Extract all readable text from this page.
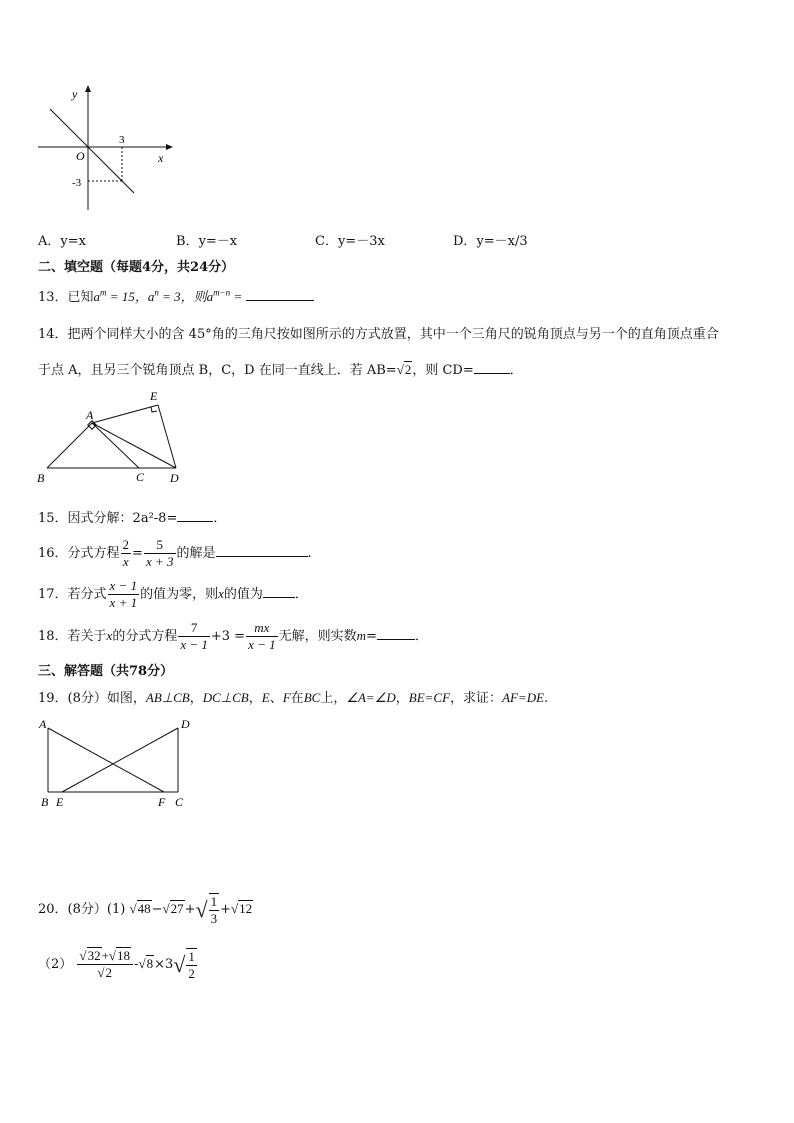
y
x
O
3
-3
A．y=x	B．y=－x	C．y=－3x	D．y=－x/3
二、填空题（每题4分，共24分）
13．已知$a^m = 15$，$a^n = 3$，则$a^{m-n}$ =
14．把两个同样大小的含 45°角的三角尺按如图所示的方式放置，其中一个三角尺的锐角顶点与另一个的直角顶点重合
于点 A，且另三个锐角顶点 B，C，D 在同一直线上．若 AB=√2，则 CD=	．
A
E
B	C D
15．因式分解：2a²-8=	．
16．分式方程 $\frac{2}{x} = \frac{5}{x + 3}$ 的解是	.
17．若分式 $\frac{x - 1}{x + 1}$ 的值为零，则x的值为 ．
18．若关于x的分式方程 $\frac{7}{x - 1} +3 = \frac{mx}{x - 1}$ 无解，则实数m=	．
三、解答题（共78分）
19．(8分）如图，AB⊥CB，DC⊥CB，E、F在BC上，∠A=∠D，BE=CF，求证：AF=DE.
A	D
B E	F C
20．(8分）(1) $√48-√27+√ \frac{1}{3} +√12$
$(2) \frac{√32+√18}{√2} -√8\times 3√ \frac{1}{2}$
